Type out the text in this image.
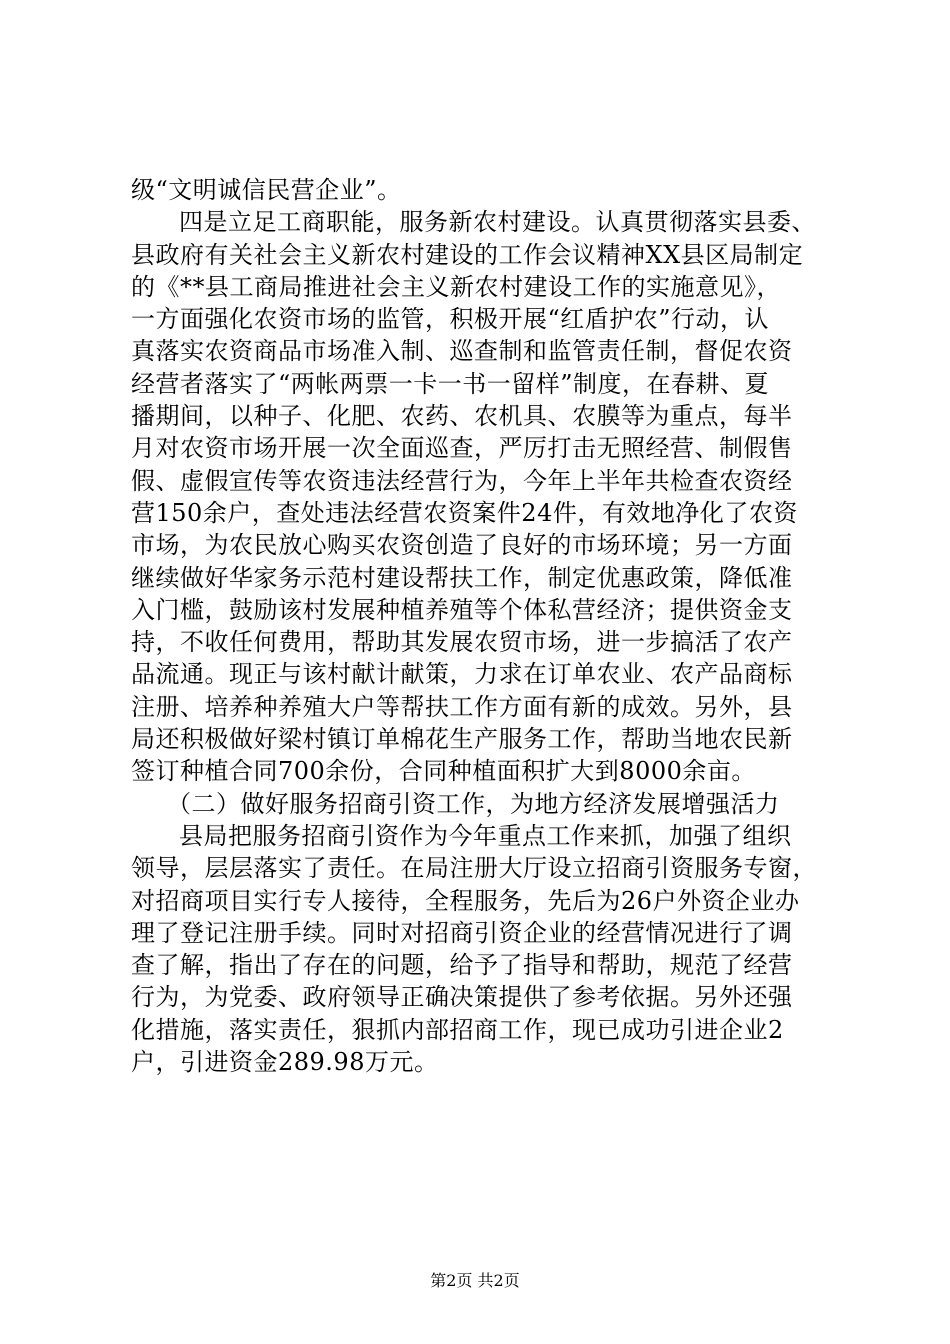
级“文明诚信民营企业”。
四是立足工商职能，服务新农村建设。认真贯彻落实县委、
县政府有关社会主义新农村建设的工作会议精神XX县区局制定
的《**县工商局推进社会主义新农村建设工作的实施意见》，
一方面强化农资市场的监管，积极开展“红盾护农”行动，认
真落实农资商品市场准入制、巡查制和监管责任制，督促农资
经营者落实了“两帐两票一卡一书一留样”制度，在春耕、夏
播期间，以种子、化肥、农药、农机具、农膜等为重点，每半
月对农资市场开展一次全面巡查，严厉打击无照经营、制假售
假、虚假宣传等农资违法经营行为，今年上半年共检查农资经
营150余户，查处违法经营农资案件24件，有效地净化了农资
市场，为农民放心购买农资创造了良好的市场环境；另一方面
继续做好华家务示范村建设帮扶工作，制定优惠政策，降低准
入门槛，鼓励该村发展种植养殖等个体私营经济；提供资金支
持，不收任何费用，帮助其发展农贸市场，进一步搞活了农产
品流通。现正与该村献计献策，力求在订单农业、农产品商标
注册、培养种养殖大户等帮扶工作方面有新的成效。另外，县
局还积极做好梁村镇订单棉花生产服务工作，帮助当地农民新
签订种植合同700余份，合同种植面积扩大到8000余亩。
（二）做好服务招商引资工作，为地方经济发展增强活力
县局把服务招商引资作为今年重点工作来抓，加强了组织
领导，层层落实了责任。在局注册大厅设立招商引资服务专窗，
对招商项目实行专人接待，全程服务，先后为26户外资企业办
理了登记注册手续。同时对招商引资企业的经营情况进行了调
查了解，指出了存在的问题，给予了指导和帮助，规范了经营
行为，为党委、政府领导正确决策提供了参考依据。另外还强
化措施，落实责任，狠抓内部招商工作，现已成功引进企业2
户，引进资金289.98万元。
第2页 共2页
